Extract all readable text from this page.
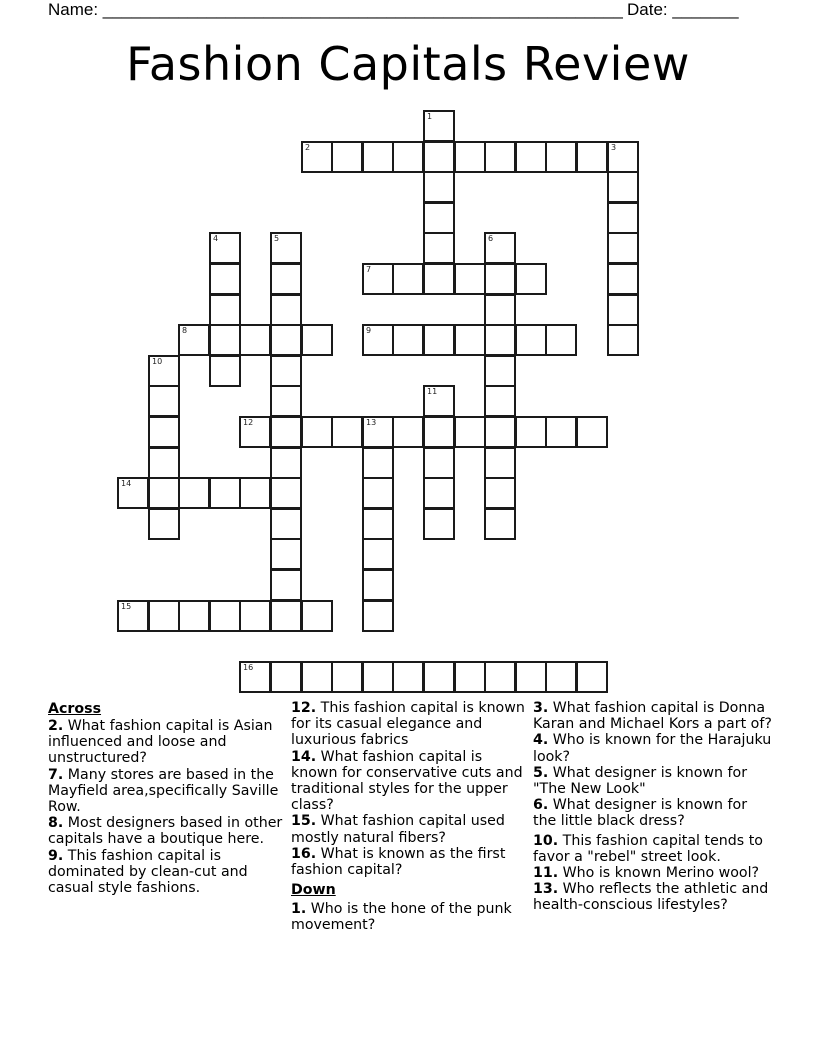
Name: _______________________________________________________ Date: _______
Fashion Capitals Review
1
2	3
4	5	6
7
8	9
10
11
12	13
14
15
16
Across

2. What fashion capital is Asian influenced and loose and unstructured?

7. Many stores are based in the Mayfield area,specifically Saville Row.

8. Most designers based in other capitals have a boutique here.

9. This fashion capital is dominated by clean-cut and casual style fashions.

12. This fashion capital is known for its casual elegance and luxurious fabrics

14. What fashion capital is known for conservative cuts and traditional styles for the upper class?

15. What fashion capital used mostly natural fibers?

16. What is known as the first fashion capital?

Down

1. Who is the hone of the punk movement?

3. What fashion capital is Donna Karan and Michael Kors a part of?

4. Who is known for the Harajuku look?

5. What designer is known for "The New Look"

6. What designer is known for the little black dress?

10. This fashion capital tends to favor a "rebel" street look.

11. Who is known Merino wool?

13. Who reflects the athletic and health-conscious lifestyles?
